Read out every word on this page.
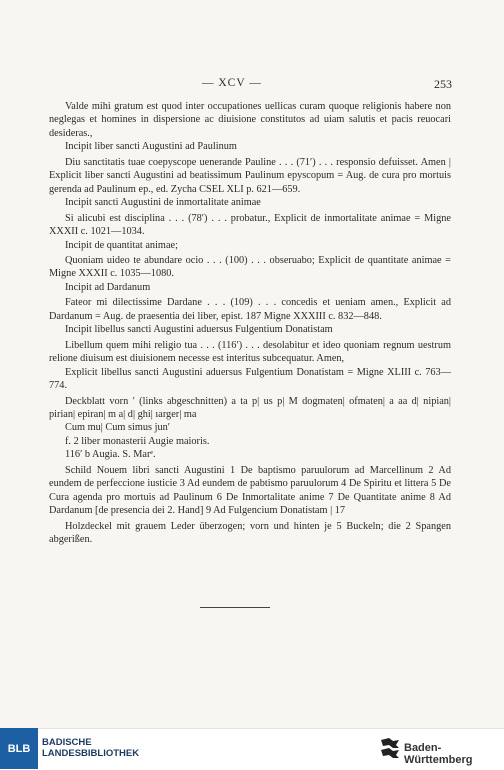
— XCV —	253

Valde mihi gratum est quod inter occupationes uellicas curam quoque religionis habere non neglegas et homines in dispersione ac diuisione constitutos ad uiam salutis et pacis reuocari desideras.,

Incipit liber sancti Augustini ad Paulinum

Diu sanctitatis tuae coepyscope uenerande Pauline . . . (71′) . . . responsio defuisset. Amen | Explicit liber sancti Augustini ad beatissimum Paulinum epyscopum = Aug. de cura pro mortuis gerenda ad Paulinum ep., ed. Zycha CSEL XLI p. 621—659.

Incipit sancti Augustini de inmortalitate animae

Si alicubi est disciplina . . . (78′) . . . probatur., Explicit de inmortalitate animae = Migne XXXII c. 1021—1034.

Incipit de quantitat animae;

Quoniam uideo te abundare ocio . . . (100) . . . obseruabo; Explicit de quantitate animae = Migne XXXII c. 1035—1080.

Incipit ad Dardanum

Fateor mi dilectissime Dardane . . . (109) . . . concedis et ueniam amen., Explicit ad Dardanum = Aug. de praesentia dei liber, epist. 187 Migne XXXIII c. 832—848.

Incipit libellus sancti Augustini aduersus Fulgentium Donatistam

Libellum quem mihi religio tua . . . (116′) . . . desolabitur et ideo quoniam regnum uestrum relione diuisum est diuisionem necesse est interitus subcequatur. Amen,

Explicit libellus sancti Augustini aduersus Fulgentium Donatistam = Migne XLIII c. 763—774.

Deckblatt vorn ′ (links abgeschnitten) a ta p| us p| M dogmaten| ofmaten| a aa d| nipian| pirian| epiran| m a| d| ghi| ıarger| ma

Cum mu| Cum simus jun′

f. 2 liber monasterii Augie maioris.

116′ b Augia. S. Marᵉ.

Schild Nouem libri sancti Augustini 1 De baptismo paruulorum ad Marcellinum 2 Ad eundem de perfeccione iusticie 3 Ad eundem de pabtismo paruulorum 4 De Spiritu et littera 5 De Cura agenda pro mortuis ad Paulinum 6 De Inmortalitate anime 7 De Quantitate anime 8 Ad Dardanum [de presencia dei 2. Hand] 9 Ad Fulgencium Donatistam | 17

Holzdeckel mit grauem Leder überzogen; vorn und hinten je 5 Buckeln; die 2 Spangen abgerißen.

BLB	BADISCHE
LANDESBIBLIOTHEK	Baden-Württemberg
